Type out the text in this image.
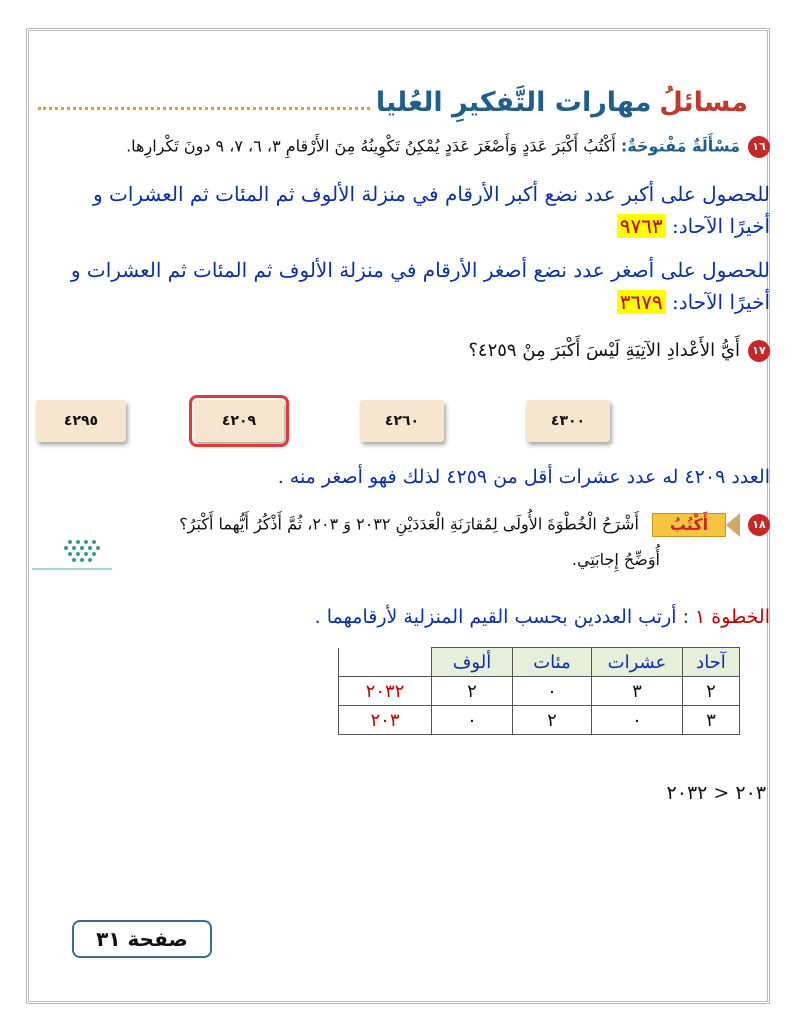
مسائلُ
مهارات التَّفكيرِ العُليا
١٦مَسْأَلَةٌ مَفْتوحَةٌ: أَكْتُبُ أَكْبَرَ عَدَدٍ وَأَصْغَرَ عَدَدٍ يُمْكِنُ تَكْوِينُهُ مِنَ الأَرْقامِ ٣، ٦، ٧، ٩ دونَ تَكْرارِها.
للحصول على أكبر عدد نضع أكبر الأرقام في منزلة الألوف ثم المئات ثم العشرات و أخيرًا الآحاد: ٩٧٦٣
للحصول على أصغر عدد نضع أصغر الأرقام في منزلة الألوف ثم المئات ثم العشرات و أخيرًا الآحاد: ٣٦٧٩
١٧أَيُّ الأَعْدادِ الآتِيَةِ لَيْسَ أَكْبَرَ مِنْ ٤٢٥٩؟
٤٣٠٠
٤٢٦٠
٤٢٠٩
٤٢٩٥
العدد ٤٢٠٩ له عدد عشرات أقل من ٤٢٥٩ لذلك فهو أصغر منه .
١٨
أَكْتُبُ
أَشْرَحُ الْخُطْوَةَ الأُولَى لِمُقارَنَةِ الْعَدَدَيْنِ ٢٠٣٢ وَ ٢٠٣، ثُمَّ أَذْكُرُ أَيُّهما أَكْبَرُ؟
أُوَضِّحُ إِجابَتِي.
الخطوة ١ : أرتب العددين بحسب القيم المنزلية لأرقامهما .
آحاد	عشرات	مئات	ألوف	
٢	٣	٠	٢	٢٠٣٢
٣	٠	٢	٠	٢٠٣
٢٠٣ < ٢٠٣٢
صفحة ٣١
